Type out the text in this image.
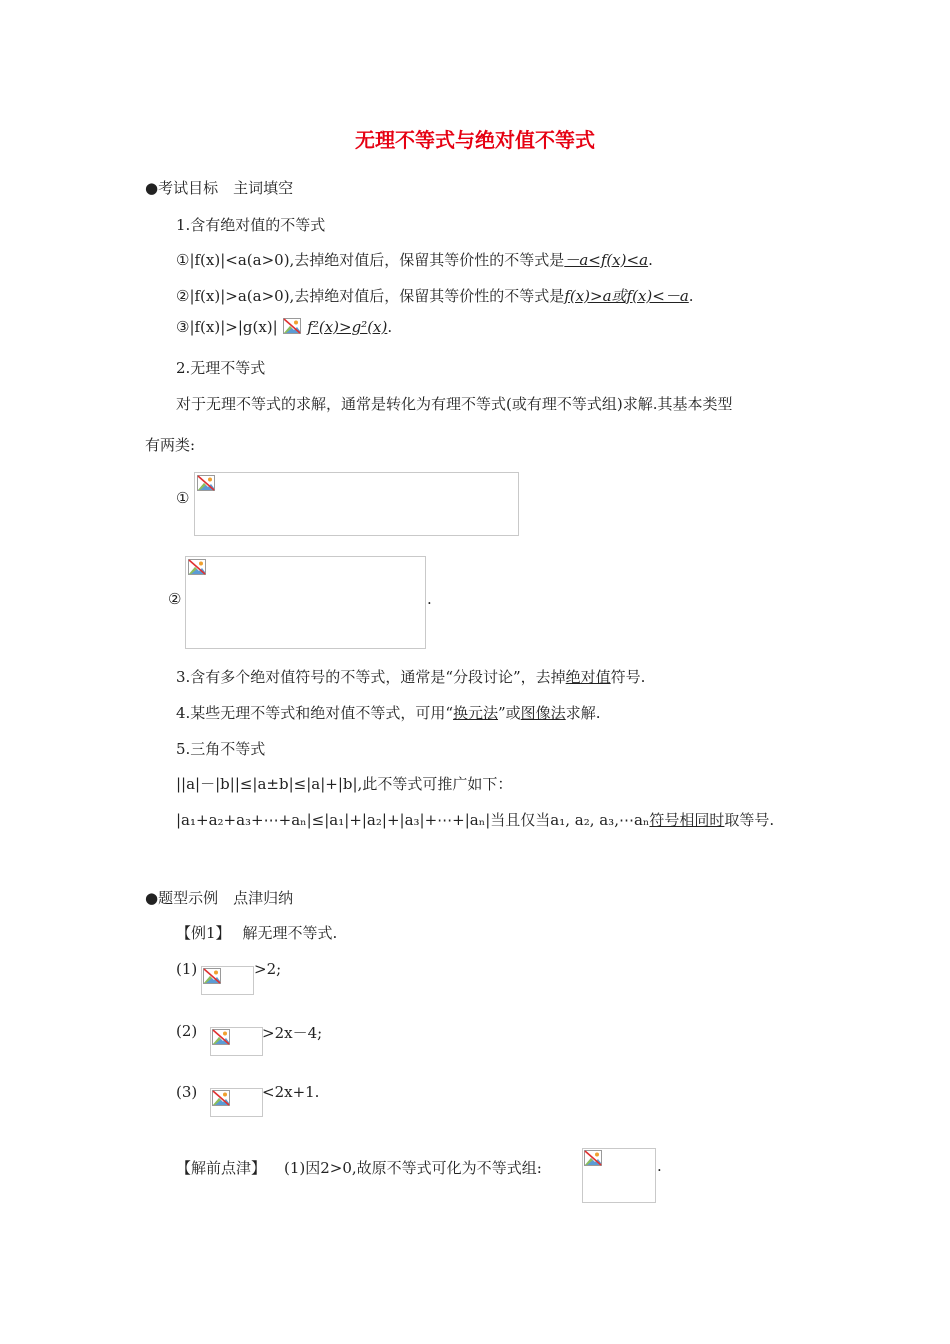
无理不等式与绝对值不等式
●考试目标　主词填空
1.含有绝对值的不等式
①|f(x)|<a(a>0),去掉绝对值后，保留其等价性的不等式是－a<f(x)<a.
②|f(x)|>a(a>0),去掉绝对值后，保留其等价性的不等式是f(x)>a或f(x)<－a.
③|f(x)|>|g(x)| f²(x)>g²(x).
2.无理不等式
对于无理不等式的求解，通常是转化为有理不等式(或有理不等式组)求解.其基本类型
有两类:
①
②	.
3.含有多个绝对值符号的不等式，通常是“分段讨论”，去掉绝对值符号.
4.某些无理不等式和绝对值不等式，可用“换元法”或图像法求解.
5.三角不等式
||a|－|b||≤|a±b|≤|a|+|b|,此不等式可推广如下：
|a₁+a₂+a₃+⋯+aₙ|≤|a₁|+|a₂|+|a₃|+⋯+|aₙ|当且仅当a₁, a₂, a₃,⋯aₙ符号相同时取等号.
●题型示例　点津归纳
【例1】 解无理不等式.
(1)	>2;
(2)	>2x－4;
(3)	<2x+1.
【解前点津】 (1)因2>0,故原不等式可化为不等式组:	.
